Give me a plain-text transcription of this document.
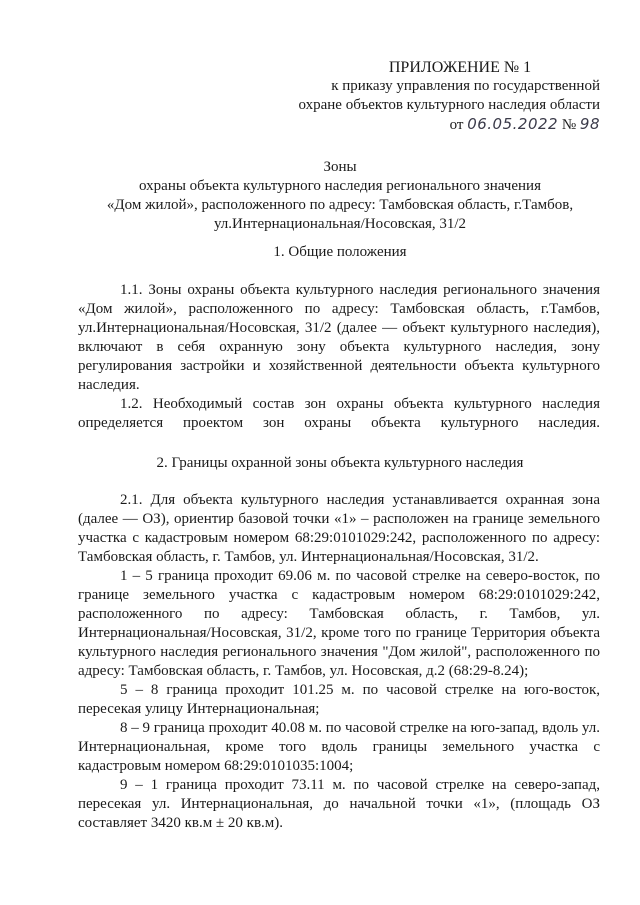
ПРИЛОЖЕНИЕ № 1
к приказу управления по государственной
охране объектов культурного наследия области
от 06.05.2022 № 98
Зоны
охраны объекта культурного наследия регионального значения
«Дом жилой», расположенного по адресу: Тамбовская область, г.Тамбов,
ул.Интернациональная/Носовская, 31/2
1. Общие положения

1.1. Зоны охраны объекта культурного наследия регионального значения «Дом жилой», расположенного по адресу: Тамбовская область, г.Тамбов, ул.Интернациональная/Носовская, 31/2 (далее — объект культурного наследия), включают в себя охранную зону объекта культурного наследия, зону регулирования застройки и хозяйственной деятельности объекта культурного наследия.

1.2. Необходимый состав зон охраны объекта культурного наследия определяется проектом зон охраны объекта культурного наследия.

2. Границы охранной зоны объекта культурного наследия

2.1. Для объекта культурного наследия устанавливается охранная зона (далее — ОЗ), ориентир базовой точки «1» – расположен на границе земельного участка с кадастровым номером 68:29:0101029:242, расположенного по адресу: Тамбовская область, г. Тамбов, ул. Интернациональная/Носовская, 31/2.

1 – 5 граница проходит 69.06 м. по часовой стрелке на северо-восток, по границе земельного участка с кадастровым номером 68:29:0101029:242, расположенного по адресу: Тамбовская область, г. Тамбов, ул. Интернациональная/Носовская, 31/2, кроме того по границе Территория объекта культурного наследия регионального значения "Дом жилой", расположенного по адресу: Тамбовская область, г. Тамбов, ул. Носовская, д.2 (68:29-8.24);

5 – 8 граница проходит 101.25 м. по часовой стрелке на юго-восток, пересекая улицу Интернациональная;

8 – 9 граница проходит 40.08 м. по часовой стрелке на юго-запад, вдоль ул. Интернациональная, кроме того вдоль границы земельного участка с кадастровым номером 68:29:0101035:1004;

9 – 1 граница проходит 73.11 м. по часовой стрелке на северо-запад, пересекая ул. Интернациональная, до начальной точки «1», (площадь ОЗ составляет 3420 кв.м ± 20 кв.м).
